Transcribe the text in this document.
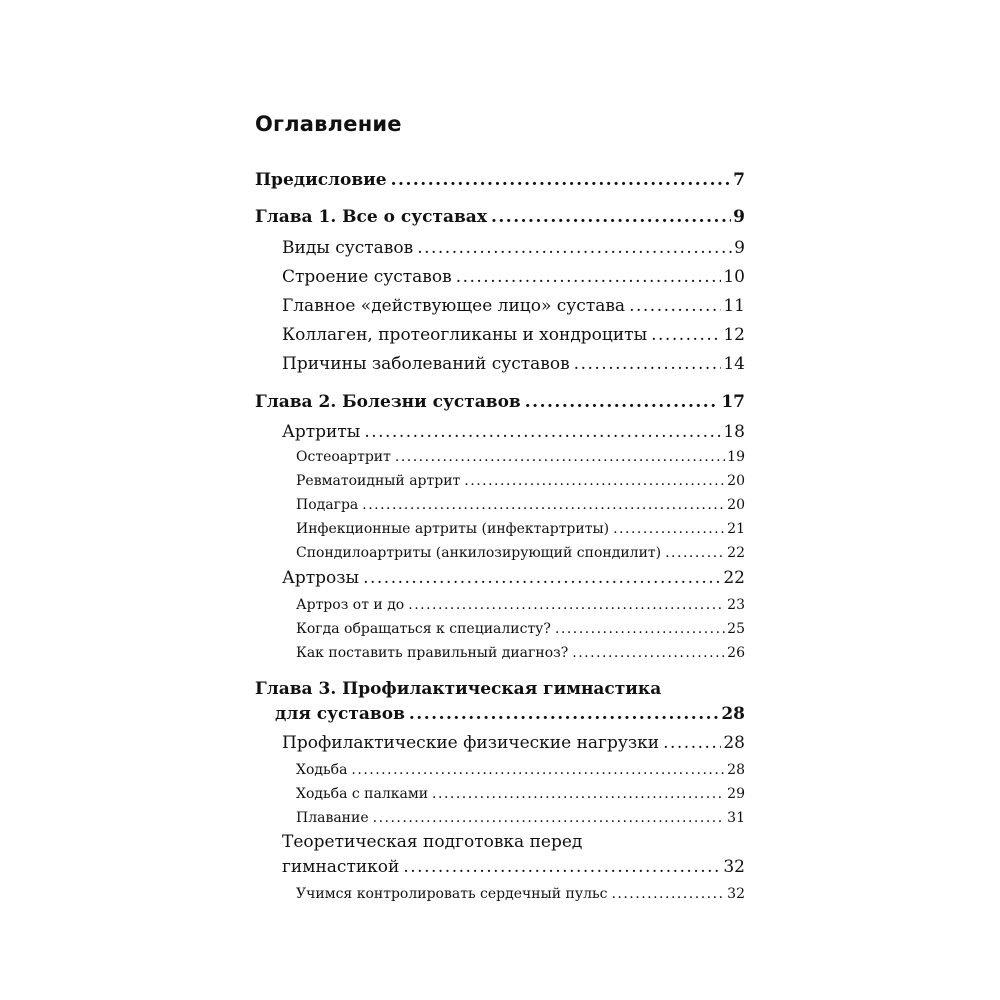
Оглавление
Предисловие .....	7
Глава 1. Все о суставах .....	9
Виды суставов .....	9
Строение суставов .....	10
Главное «действующее лицо» сустава .....	11
Коллаген, протеогликаны и хондроциты .....	12
Причины заболеваний суставов .....	14
Глава 2. Болезни суставов .....	17
Артриты .....	18
Остеоартрит .....	19
Ревматоидный артрит .....	20
Подагра .....	20
Инфекционные артриты (инфектартриты) .....	21
Спондилоартриты (анкилозирующий спондилит) .....	22
Артрозы .....	22
Артроз от и до .....	23
Когда обращаться к специалисту? .....	25
Как поставить правильный диагноз? .....	26
Глава 3. Профилактическая гимнастика
для суставов .....	28
Профилактические физические нагрузки .....	28
Ходьба .....	28
Ходьба с палками .....	29
Плавание .....	31
Теоретическая подготовка перед
гимнастикой .....	32
Учимся контролировать сердечный пульс .....	32
